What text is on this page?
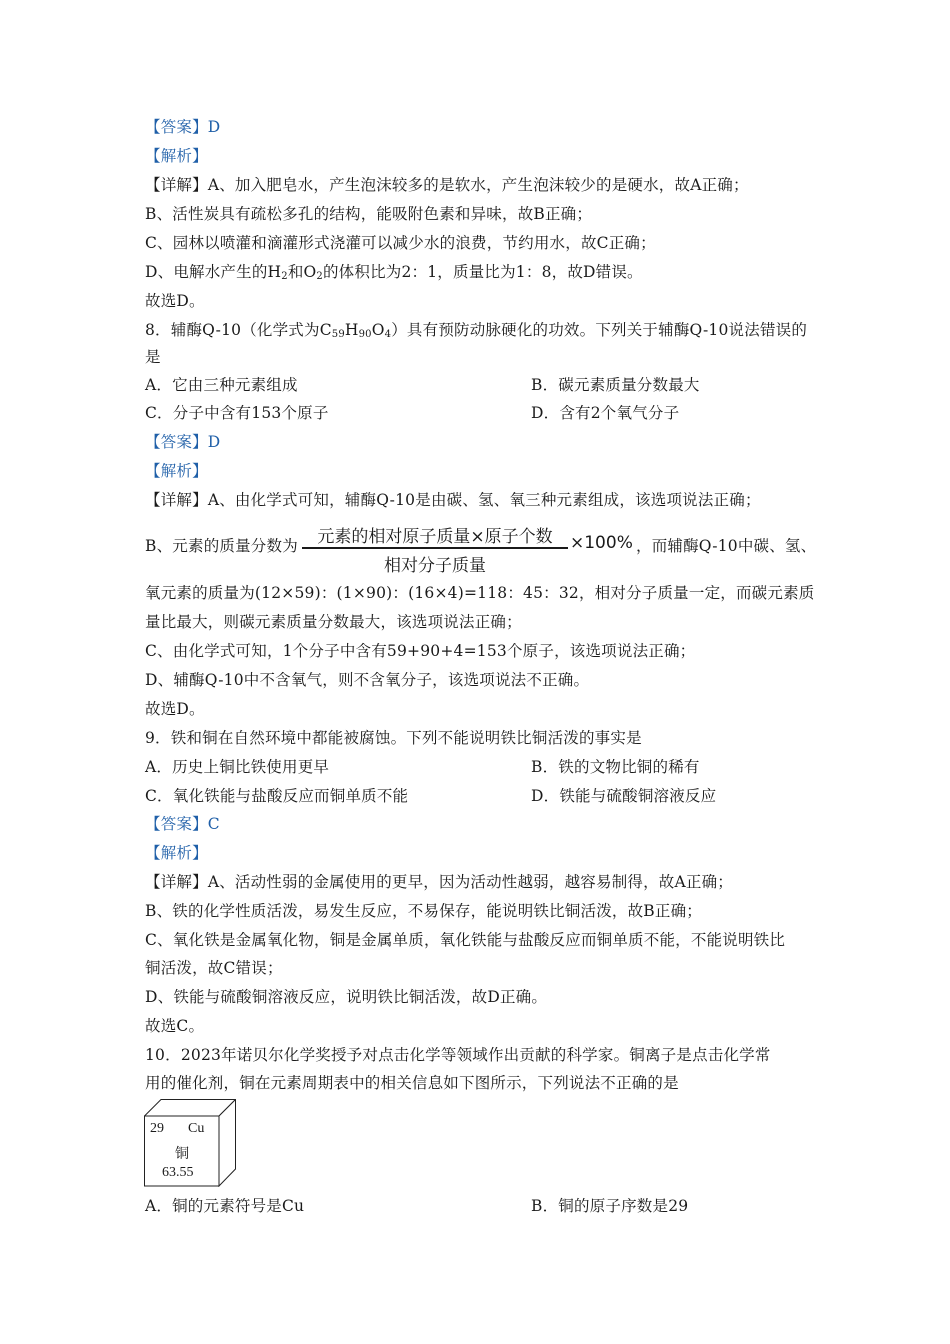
【答案】D
【解析】
【详解】A、加入肥皂水，产生泡沫较多的是软水，产生泡沫较少的是硬水，故A正确；
B、活性炭具有疏松多孔的结构，能吸附色素和异味，故B正确；
C、园林以喷灌和滴灌形式浇灌可以减少水的浪费，节约用水，故C正确；
D、电解水产生的$H_2$和$O_2$的体积比为2：1，质量比为1：8，故D错误。
故选D。
8．辅酶Q-10（化学式为$C_{59}H_{90}O_4$）具有预防动脉硬化的功效。下列关于辅酶Q-10说法错误的
是
A．它由三种元素组成	B．碳元素质量分数最大
C．分子中含有153个原子	D．含有2个氧气分子
【答案】D
【解析】
【详解】A、由化学式可知，辅酶Q-10是由碳、氢、氧三种元素组成，该选项说法正确；
B、元素的质量分数为	元素的相对原子质量×原子个数
相对分子质量
×100% ，而辅酶Q-10中碳、氢、
氧元素的质量为(12×59)：(1×90)：(16×4)=118：45：32，相对分子质量一定，而碳元素质
量比最大，则碳元素质量分数最大，该选项说法正确；
C、由化学式可知，1个分子中含有59+90+4=153个原子，该选项说法正确；
D、辅酶Q-10中不含氧气，则不含氧分子，该选项说法不正确。
故选D。
9．铁和铜在自然环境中都能被腐蚀。下列不能说明铁比铜活泼的事实是
A．历史上铜比铁使用更早	B．铁的文物比铜的稀有
C．氧化铁能与盐酸反应而铜单质不能	D．铁能与硫酸铜溶液反应
【答案】C
【解析】
【详解】A、活动性弱的金属使用的更早，因为活动性越弱，越容易制得，故A正确；
B、铁的化学性质活泼，易发生反应，不易保存，能说明铁比铜活泼，故B正确；
C、氧化铁是金属氧化物，铜是金属单质，氧化铁能与盐酸反应而铜单质不能，不能说明铁比
铜活泼，故C错误；
D、铁能与硫酸铜溶液反应，说明铁比铜活泼，故D正确。
故选C。
10．2023年诺贝尔化学奖授予对点击化学等领域作出贡献的科学家。铜离子是点击化学常
用的催化剂，铜在元素周期表中的相关信息如下图所示，下列说法不正确的是
29 Cu
铜
63.55
A．铜的元素符号是Cu	B．铜的原子序数是29
